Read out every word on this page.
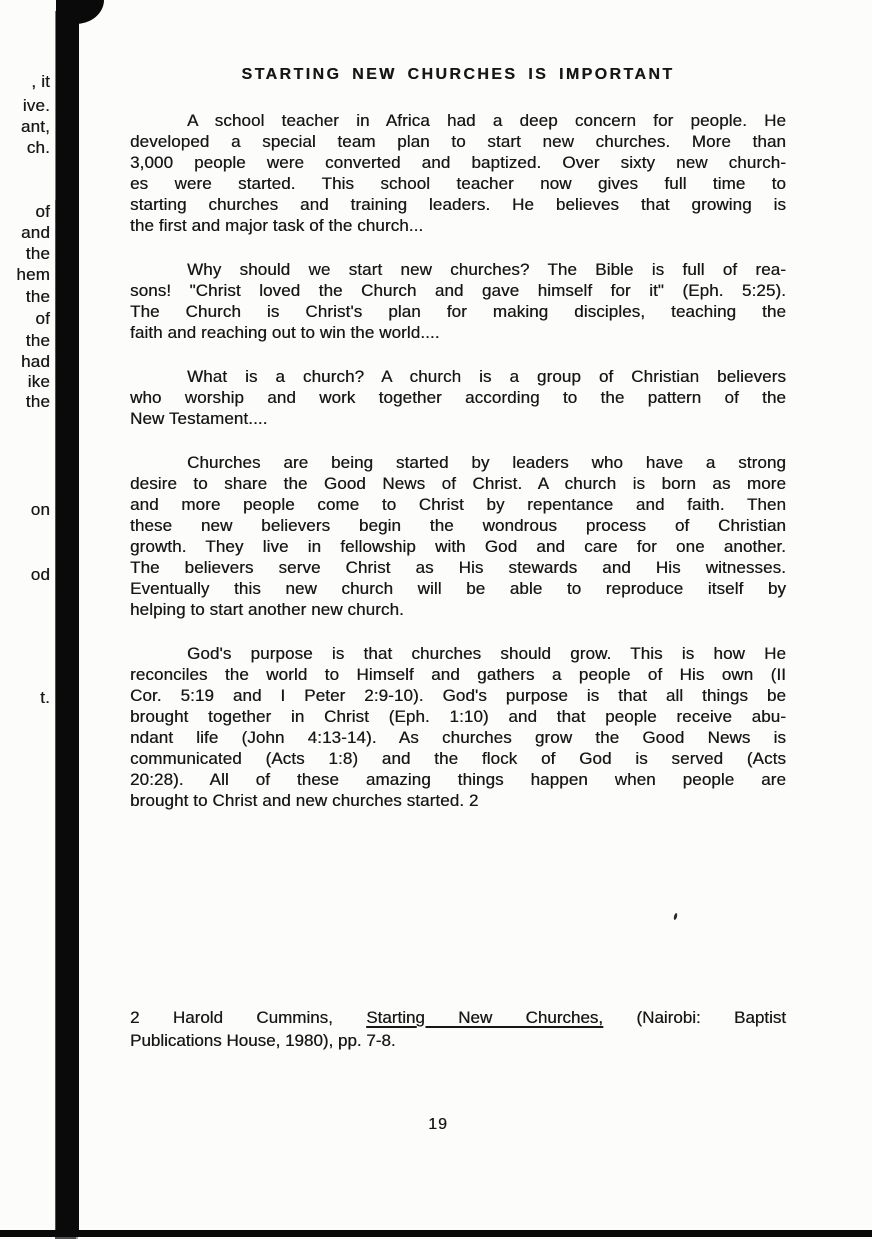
, it
ive.
ant,
ch.
of
and
the
hem
the
of
the
had
ike
the
on
od
t.
STARTING NEW CHURCHES IS IMPORTANT
A school teacher in Africa had a deep concern for people. He
developed a special team plan to start new churches. More than
3,000 people were converted and baptized. Over sixty new church-
es were started. This school teacher now gives full time to
starting churches and training leaders. He believes that growing is
the first and major task of the church...
Why should we start new churches? The Bible is full of rea-
sons! "Christ loved the Church and gave himself for it" (Eph. 5:25).
The Church is Christ's plan for making disciples, teaching the
faith and reaching out to win the world....
What is a church? A church is a group of Christian believers
who worship and work together according to the pattern of the
New Testament....
Churches are being started by leaders who have a strong
desire to share the Good News of Christ. A church is born as more
and more people come to Christ by repentance and faith. Then
these new believers begin the wondrous process of Christian
growth. They live in fellowship with God and care for one another.
The believers serve Christ as His stewards and His witnesses.
Eventually this new church will be able to reproduce itself by
helping to start another new church.
God's purpose is that churches should grow. This is how He
reconciles the world to Himself and gathers a people of His own (II
Cor. 5:19 and I Peter 2:9-10). God's purpose is that all things be
brought together in Christ (Eph. 1:10) and that people receive abu-
ndant life (John 4:13-14). As churches grow the Good News is
communicated (Acts 1:8) and the flock of God is served (Acts
20:28). All of these amazing things happen when people are
brought to Christ and new churches started. 2
2 Harold Cummins, Starting New Churches, (Nairobi: Baptist
Publications House, 1980), pp. 7-8.
19
